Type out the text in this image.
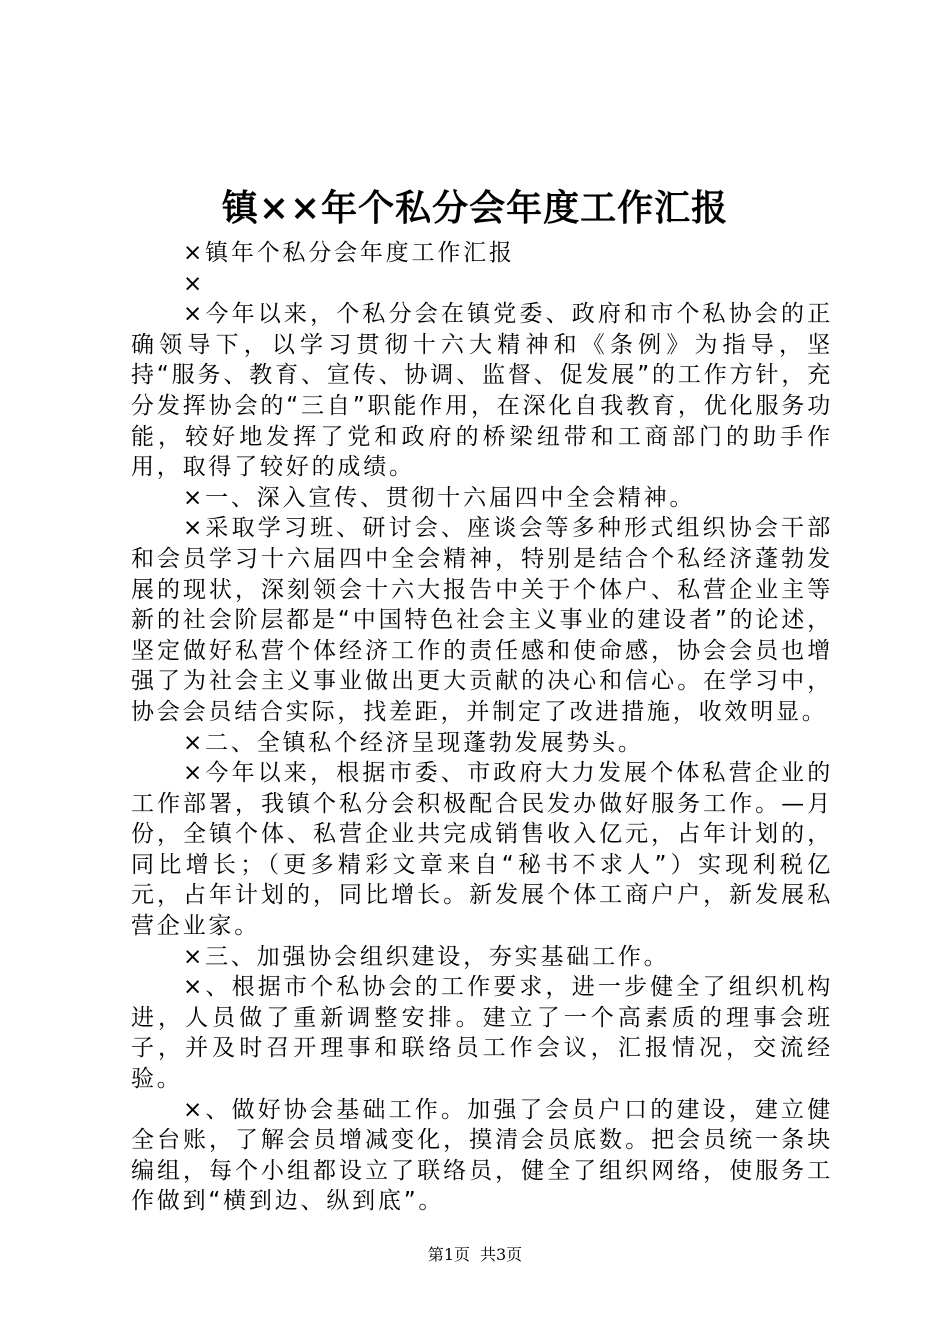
镇××年个私分会年度工作汇报

×镇年个私分会年度工作汇报

×

×今年以来，个私分会在镇党委、政府和市个私协会的正确领导下，以学习贯彻十六大精神和《条例》为指导，坚持“服务、教育、宣传、协调、监督、促发展”的工作方针，充分发挥协会的“三自”职能作用，在深化自我教育，优化服务功能，较好地发挥了党和政府的桥梁纽带和工商部门的助手作用，取得了较好的成绩。

×一、深入宣传、贯彻十六届四中全会精神。

×采取学习班、研讨会、座谈会等多种形式组织协会干部和会员学习十六届四中全会精神，特别是结合个私经济蓬勃发展的现状，深刻领会十六大报告中关于个体户、私营企业主等新的社会阶层都是“中国特色社会主义事业的建设者”的论述，坚定做好私营个体经济工作的责任感和使命感，协会会员也增强了为社会主义事业做出更大贡献的决心和信心。在学习中，协会会员结合实际，找差距，并制定了改进措施，收效明显。

×二、全镇私个经济呈现蓬勃发展势头。

×今年以来，根据市委、市政府大力发展个体私营企业的工作部署，我镇个私分会积极配合民发办做好服务工作。—月份，全镇个体、私营企业共完成销售收入亿元，占年计划的，同比增长；（更多精彩文章来自“秘书不求人”）实现利税亿元，占年计划的，同比增长。新发展个体工商户户，新发展私营企业家。

×三、加强协会组织建设，夯实基础工作。

×、根据市个私协会的工作要求，进一步健全了组织机构进，人员做了重新调整安排。建立了一个高素质的理事会班子，并及时召开理事和联络员工作会议，汇报情况，交流经验。

×、做好协会基础工作。加强了会员户口的建设，建立健全台账，了解会员增减变化，摸清会员底数。把会员统一条块编组，每个小组都设立了联络员，健全了组织网络，使服务工作做到“横到边、纵到底”。

第1页 共3页
